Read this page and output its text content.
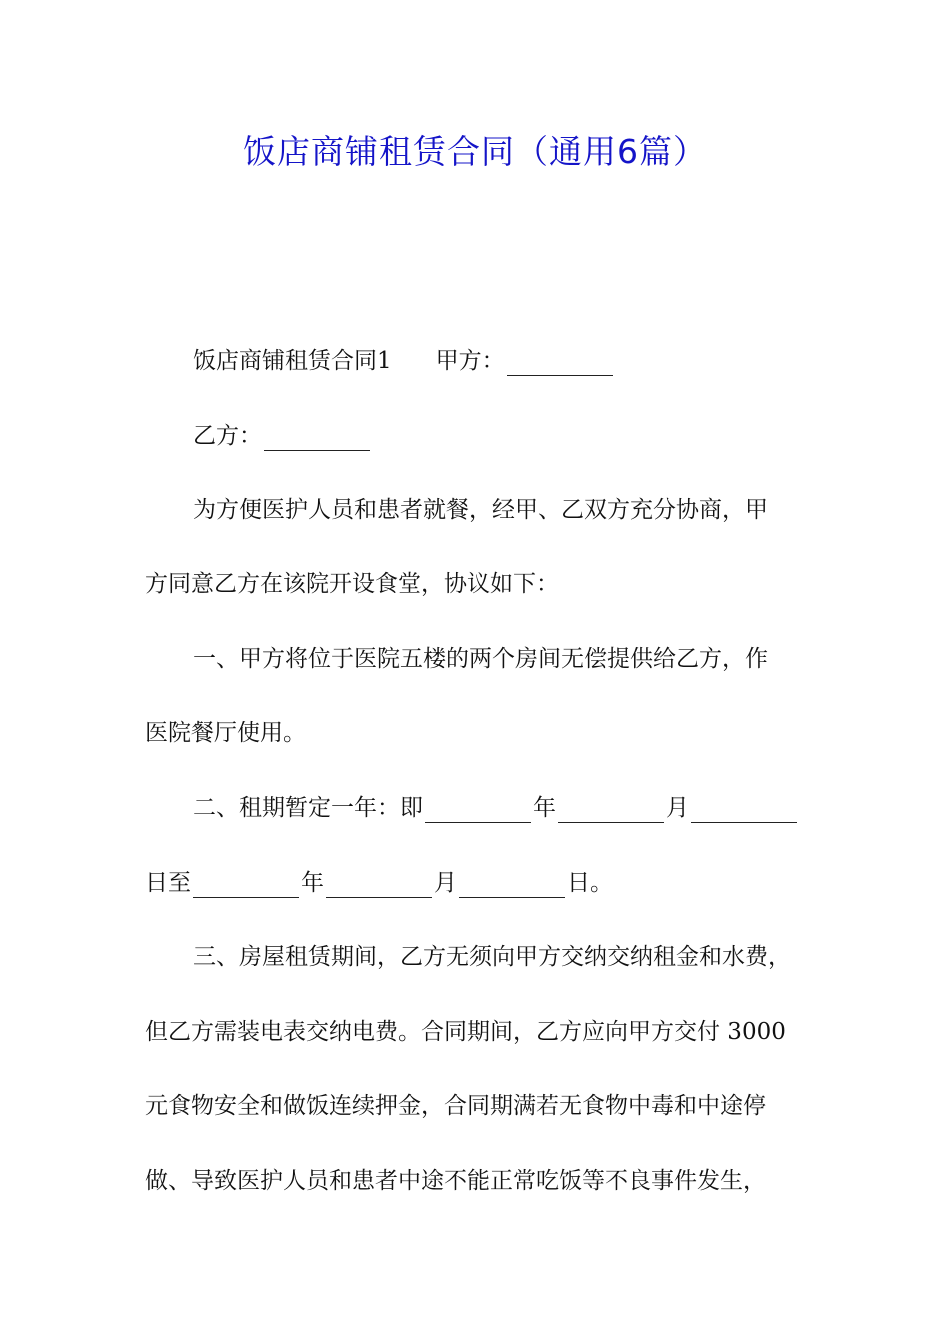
饭店商铺租赁合同（通用6篇）
饭店商铺租赁合同1 甲方：
乙方：
为方便医护人员和患者就餐，经甲、乙双方充分协商，甲
方同意乙方在该院开设食堂，协议如下：
一、甲方将位于医院五楼的两个房间无偿提供给乙方，作
医院餐厅使用。
二、租期暂定一年：即	年	月
日至	年	月	日。
三、房屋租赁期间，乙方无须向甲方交纳交纳租金和水费，
但乙方需装电表交纳电费。合同期间，乙方应向甲方交付 3000
元食物安全和做饭连续押金，合同期满若无食物中毒和中途停
做、导致医护人员和患者中途不能正常吃饭等不良事件发生，
